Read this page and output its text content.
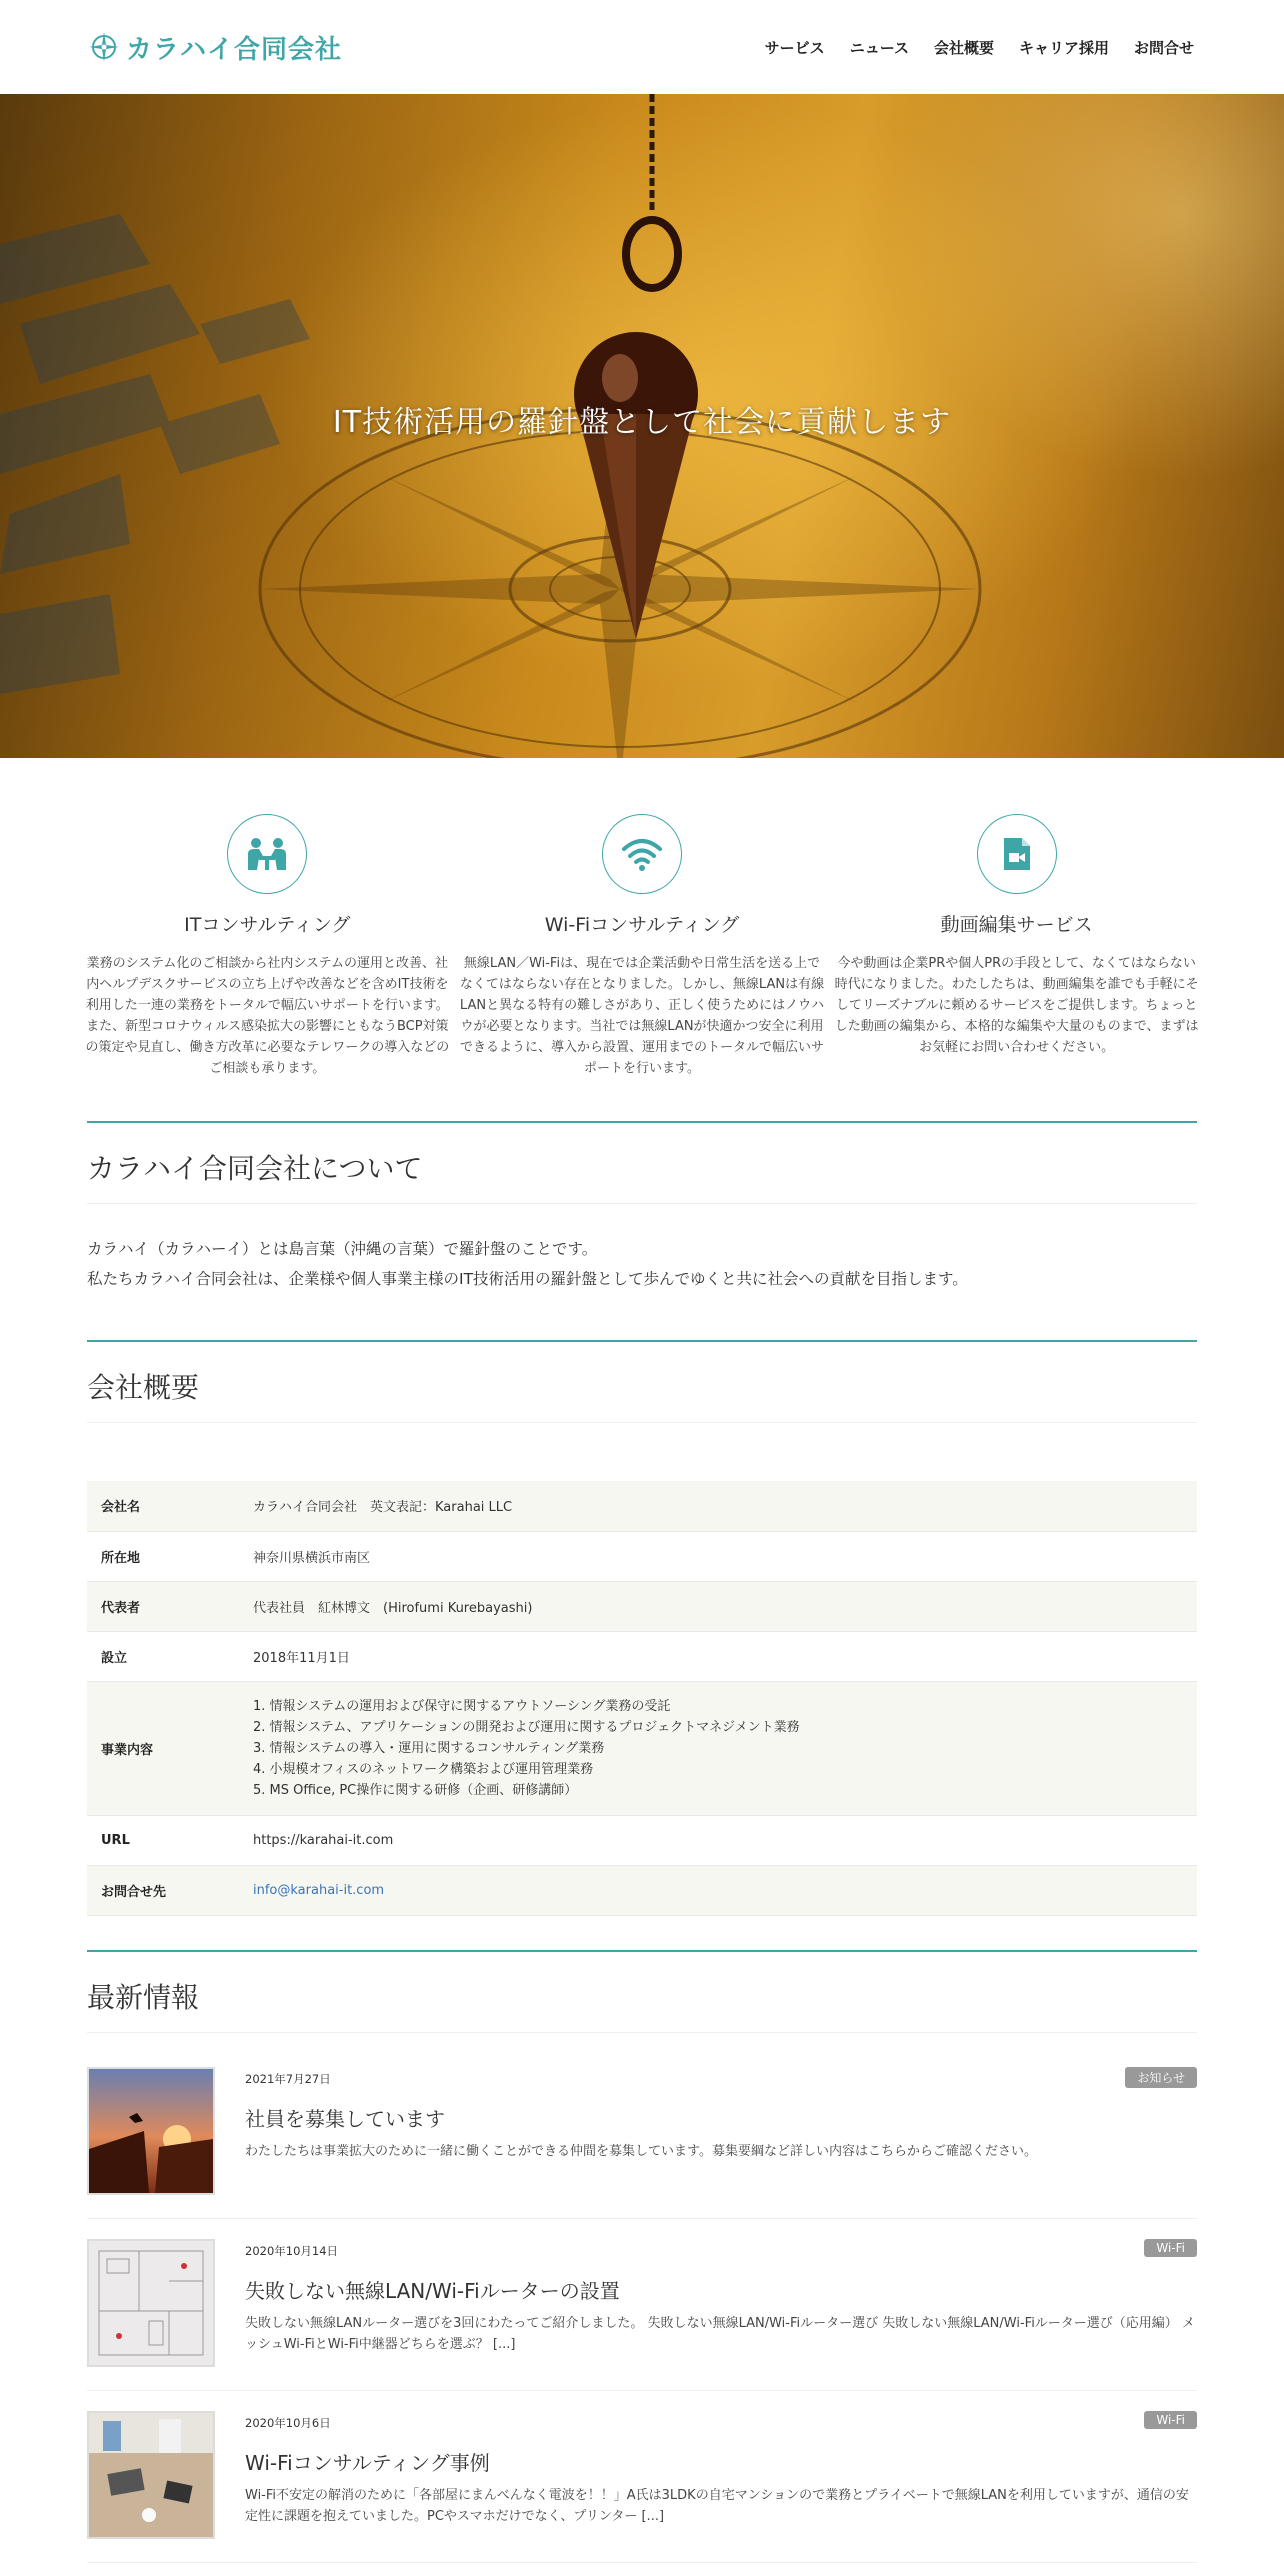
カラハイ合同会社	サービス ニュース 会社概要 キャリア採用 お問合せ
IT技術活用の羅針盤として社会に貢献します
ITコンサルティング

業務のシステム化のご相談から社内システムの運用と改善、社内ヘルプデスクサービスの立ち上げや改善などを含めIT技術を利用した一連の業務をトータルで幅広いサポートを行います。また、新型コロナウィルス感染拡大の影響にともなうBCP対策の策定や見直し、働き方改革に必要なテレワークの導入などのご相談も承ります。

Wi-Fiコンサルティング

無線LAN／Wi-Fiは、現在では企業活動や日常生活を送る上でなくてはならない存在となりました。しかし、無線LANは有線LANと異なる特有の難しさがあり、正しく使うためにはノウハウが必要となります。当社では無線LANが快適かつ安全に利用できるように、導入から設置、運用までのトータルで幅広いサポートを行います。

動画編集サービス

今や動画は企業PRや個人PRの手段として、なくてはならない時代になりました。わたしたちは、動画編集を誰でも手軽にそしてリーズナブルに頼めるサービスをご提供します。ちょっとした動画の編集から、本格的な編集や大量のものまで、まずはお気軽にお問い合わせください。

カラハイ合同会社について

カラハイ（カラハーイ）とは島言葉（沖縄の言葉）で羅針盤のことです。

私たちカラハイ合同会社は、企業様や個人事業主様のIT技術活用の羅針盤として歩んでゆくと共に社会への貢献を目指します。

会社概要
会社名	カラハイ合同会社　英文表記：Karahai LLC
所在地	神奈川県横浜市南区
代表者	代表社員　紅林博文　(Hirofumi Kurebayashi)
設立	2018年11月1日
事業内容	1. 情報システムの運用および保守に関するアウトソーシング業務の受託
2. 情報システム、アプリケーションの開発および運用に関するプロジェクトマネジメント業務
3. 情報システムの導入・運用に関するコンサルティング業務
4. 小規模オフィスのネットワーク構築および運用管理業務
5. MS Office, PC操作に関する研修（企画、研修講師）

URL	https://karahai-it.com
お問合せ先	info@karahai-it.com
最新情報
2021年7月27日
社員を募集しています

わたしたちは事業拡大のために一緒に働くことができる仲間を募集しています。募集要綱など詳しい内容はこちらからご確認ください。

お知らせ
2020年10月14日
失敗しない無線LAN/Wi-Fiルーターの設置

失敗しない無線LANルーター選びを3回にわたってご紹介しました。 失敗しない無線LAN/Wi-Fiルーター選び 失敗しない無線LAN/Wi-Fiルーター選び（応用編） メッシュWi-FiとWi-Fi中継器どちらを選ぶ？ [...]

Wi-Fi
2020年10月6日
Wi-Fiコンサルティング事例

Wi-Fi不安定の解消のために「各部屋にまんべんなく電波を！！」A氏は3LDKの自宅マンションので業務とプライベートで無線LANを利用していますが、通信の安定性に課題を抱えていました。PCやスマホだけでなく、プリンター [...]

Wi-Fi
